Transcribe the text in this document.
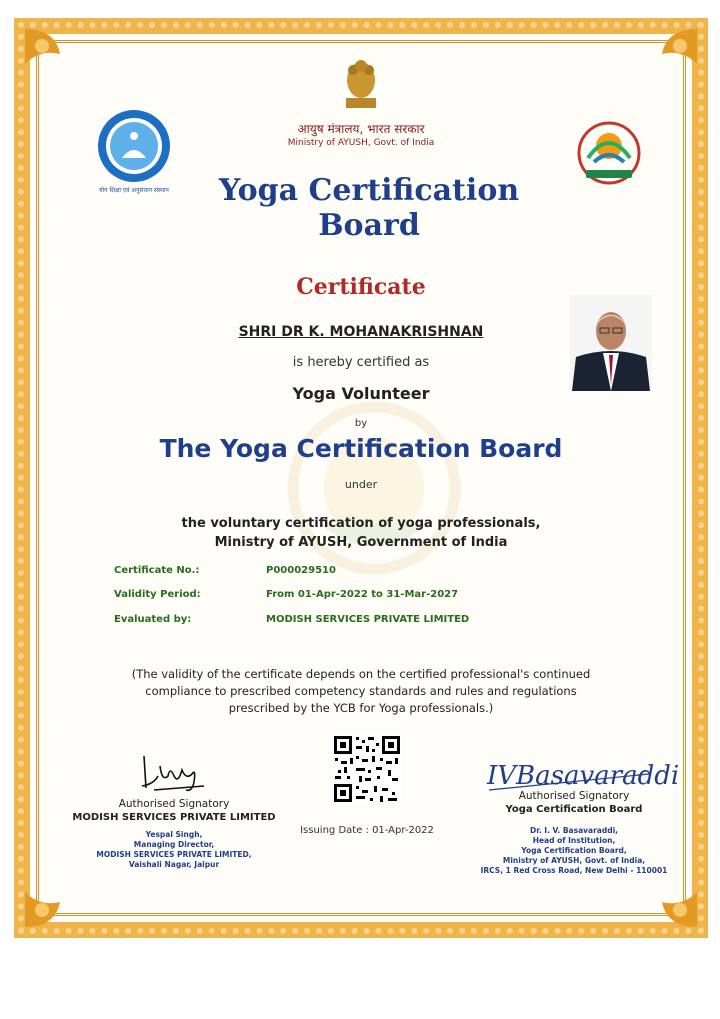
आयुष मंत्रालय, भारत सरकार
Ministry of AYUSH, Govt. of India
योग शिक्षा एवं अनुसंधान संस्थान	Yoga Certification Board
Certificate
SHRI DR K. MOHANAKRISHNAN
is hereby certified as
Yoga Volunteer
by
The Yoga Certification Board
under
the voluntary certification of yoga professionals,
Ministry of AYUSH, Government of India
Certificate No.:	P000029510
Validity Period:	From 01-Apr-2022 to 31-Mar-2027
Evaluated by:	MODISH SERVICES PRIVATE LIMITED
(The validity of the certificate depends on the certified professional's continued compliance to prescribed competency standards and rules and regulations prescribed by the YCB for Yoga professionals.)
Authorised Signatory
MODISH SERVICES PRIVATE LIMITED
Yespal Singh,
Managing Director,
MODISH SERVICES PRIVATE LIMITED,
Vaishali Nagar, Jaipur
Issuing Date : 01-Apr-2022
IVBasavaraddi
Authorised Signatory
Yoga Certification Board
Dr. I. V. Basavaraddi,
Head of Institution,
Yoga Certification Board,
Ministry of AYUSH, Govt. of India,
IRCS, 1 Red Cross Road, New Delhi - 110001
